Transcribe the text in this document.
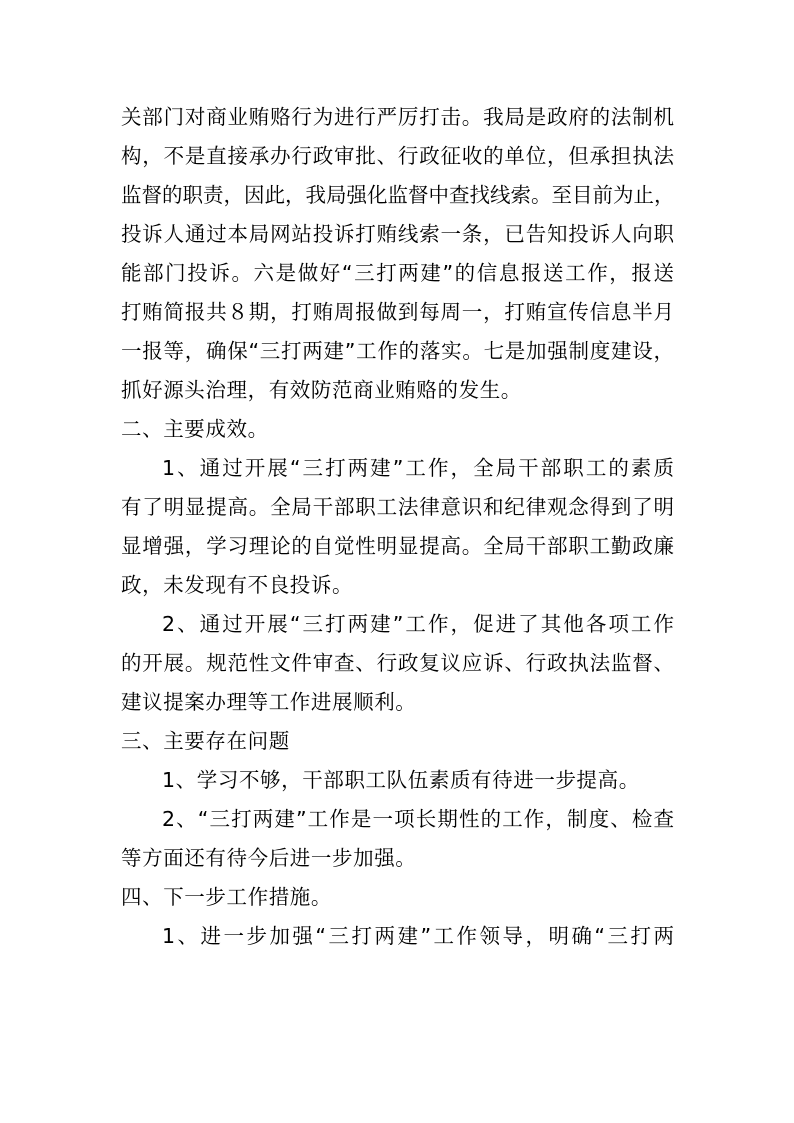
关部门对商业贿赂行为进行严厉打击。我局是政府的法制机
构，不是直接承办行政审批、行政征收的单位，但承担执法
监督的职责，因此，我局强化监督中查找线索。至目前为止，
投诉人通过本局网站投诉打贿线索一条，已告知投诉人向职
能部门投诉。六是做好“三打两建”的信息报送工作，报送
打贿简报共８期，打贿周报做到每周一，打贿宣传信息半月
一报等，确保“三打两建”工作的落实。七是加强制度建设，
抓好源头治理，有效防范商业贿赂的发生。
二、主要成效。
1、通过开展“三打两建”工作，全局干部职工的素质
有了明显提高。全局干部职工法律意识和纪律观念得到了明
显增强，学习理论的自觉性明显提高。全局干部职工勤政廉
政，未发现有不良投诉。
2、通过开展“三打两建”工作，促进了其他各项工作
的开展。规范性文件审查、行政复议应诉、行政执法监督、
建议提案办理等工作进展顺利。
三、主要存在问题
1、学习不够，干部职工队伍素质有待进一步提高。
2、“三打两建”工作是一项长期性的工作，制度、检查
等方面还有待今后进一步加强。
四、下一步工作措施。
1、进一步加强“三打两建”工作领导，明确“三打两
